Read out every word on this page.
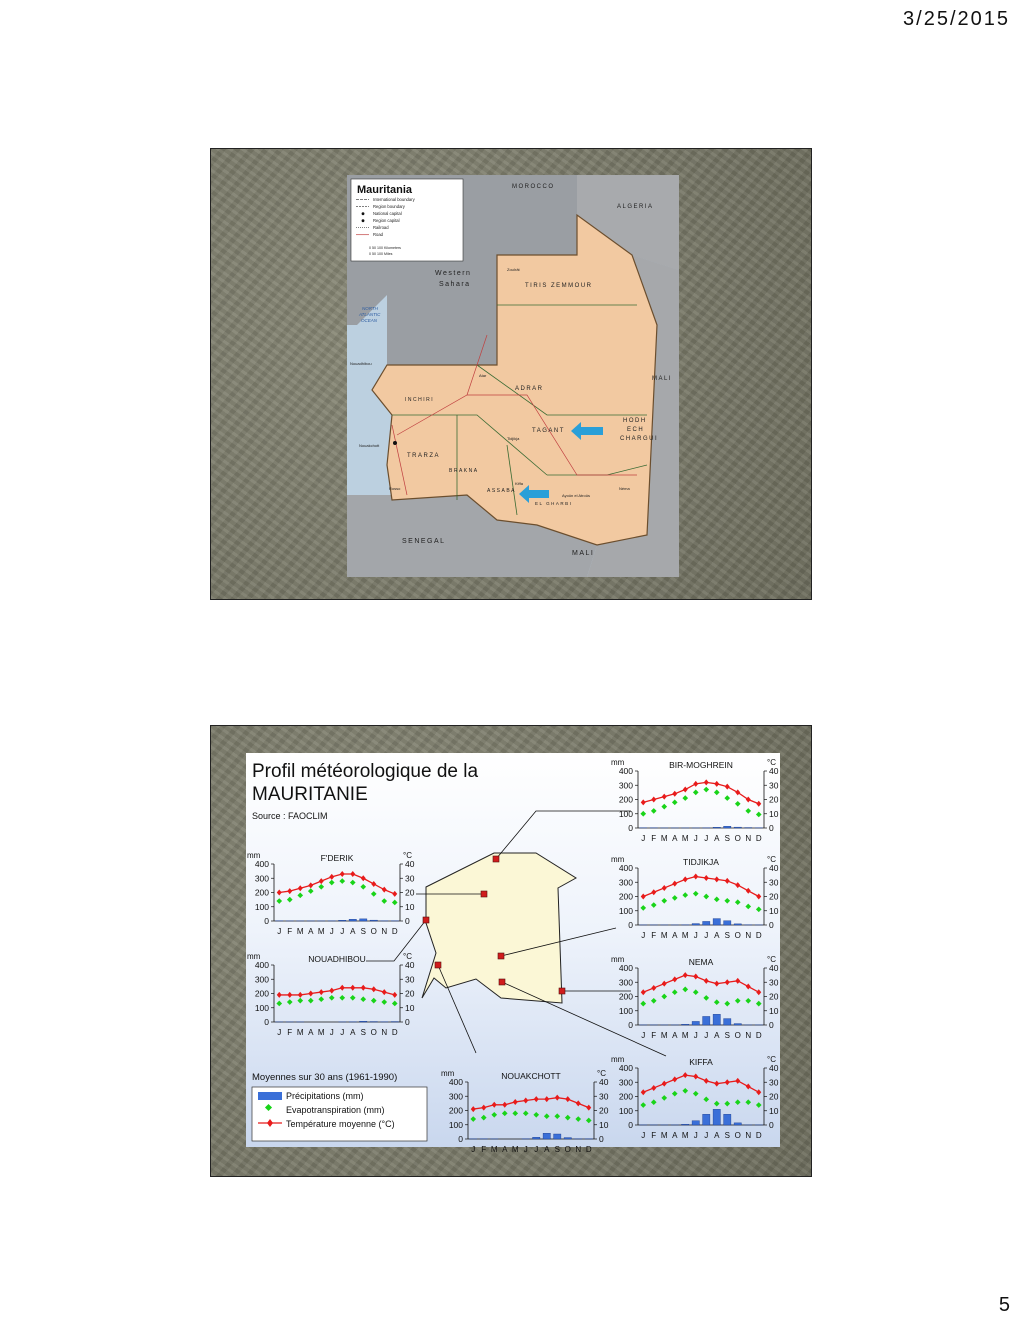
3/25/2015
Mauritania
International boundary
Region boundary
National capital
Region capital
Railroad
Road
0 50 100 Kilometers
0 50 100 Miles
MOROCCO
ALGERIA
Western
Sahara	TIRIS ZEMMOUR
MALI
MALI
ADRAR
TAGANT
HODH
ECH
CHARGUI
INCHIRI
TRARZA
BRAKNA
ASSABA
EL GHARBI
SENEGAL
NORTH
ATLANTIC
OCEAN
Nouakchott
Nouadhibou
Atar
Tidjikja
Néma
Kiffa
Zouîrât
Ayoûn el Atroûs
Rosso
Profil météorologique de la
MAURITANIE
Source : FAOCLIM
BIR-MOGHREIN
mm	°C
0
100
200
300
400
0
10
20
30
40
J F M A M J J A S O N D
F'DERIK
mm	°C
0
100
200
300
400
0
10
20
30
40
J F M A M J J A S O N D
NOUADHIBOU
mm	°C
0
100
200
300
400
0
10
20
30
40
J F M A M J J A S O N D
TIDJIKJA
mm	°C
0
100
200
300
400
0
10
20
30
40
J F M A M J J A S O N D
NEMA
mm	°C
0
100
200
300
400
0
10
20
30
40
J F M A M J J A S O N D
NOUAKCHOTT
mm	°C
0
100
200
300
400
0
10
20
30
40
J F M A M J J A S O N D
KIFFA
mm	°C
0
100
200
300
400
0
10
20
30
40
J F M A M J J A S O N D
Moyennes sur 30 ans (1961-1990)
Précipitations (mm)
Evapotranspiration (mm)
Température moyenne (°C)
5
